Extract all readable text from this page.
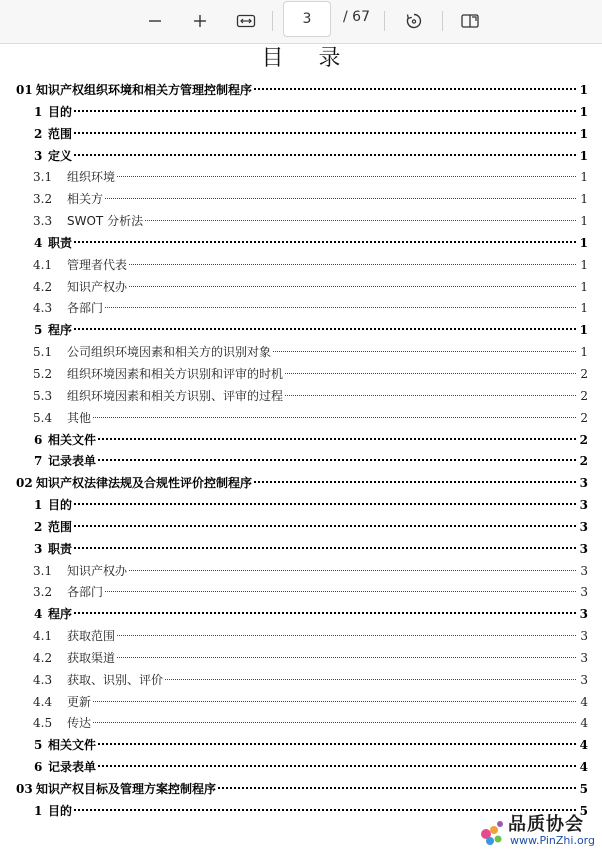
3
/ 67
目 录
01 知识产权组织环境和相关方管理控制程序	1
1 目的	1
2 范围	1
3 定义	1
3.1	组织环境	1
3.2	相关方	1
3.3	SWOT 分析法	1
4 职责	1
4.1	管理者代表	1
4.2	知识产权办	1
4.3	各部门	1
5 程序	1
5.1	公司组织环境因素和相关方的识别对象	1
5.2	组织环境因素和相关方识别和评审的时机	2
5.3	组织环境因素和相关方识别、评审的过程	2
5.4	其他	2
6 相关文件	2
7 记录表单	2
02 知识产权法律法规及合规性评价控制程序	3
1 目的	3
2 范围	3
3 职责	3
3.1	知识产权办	3
3.2	各部门	3
4 程序	3
4.1	获取范围	3
4.2	获取渠道	3
4.3	获取、识别、评价	3
4.4	更新	4
4.5	传达	4
5 相关文件	4
6 记录表单	4
03 知识产权目标及管理方案控制程序	5
1 目的	5
品质协会
www.PinZhi.org
